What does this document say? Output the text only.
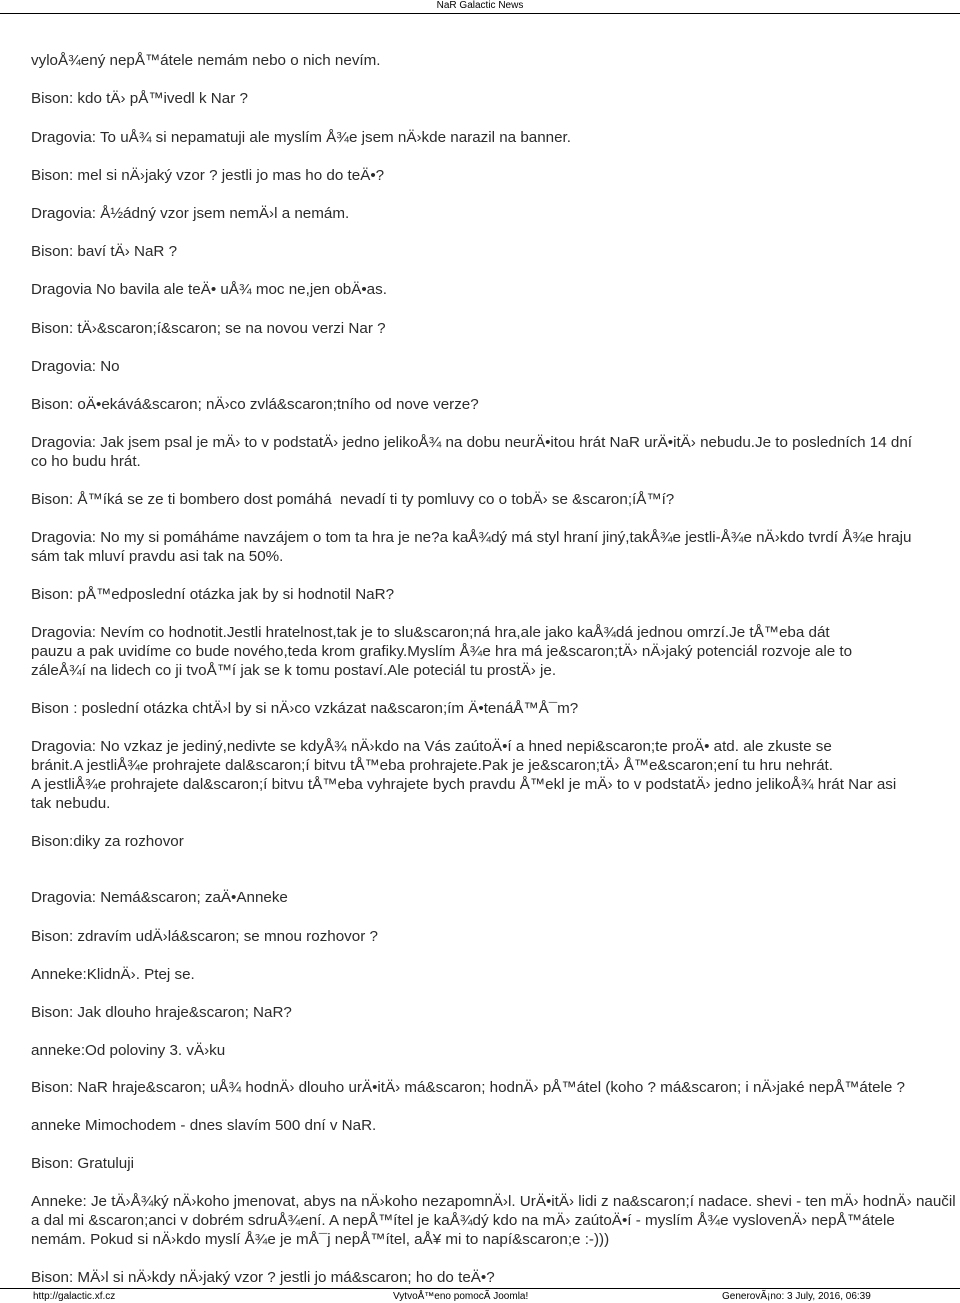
NaR Galactic News
vyloÅ¾ený nepÅ™átele nemám nebo o nich nevím.
Bison: kdo tÄ› pÅ™ivedl k Nar ?
Dragovia: To uÅ¾ si nepamatuji ale myslím Å¾e jsem nÄ›kde narazil na banner.
Bison: mel si nÄ›jaký vzor ? jestli jo mas ho do teÄ•?
Dragovia: Å½ádný vzor jsem nemÄ›l a nemám.
Bison: baví tÄ› NaR ?
Dragovia No bavila ale teÄ• uÅ¾ moc ne,jen obÄ•as.
Bison: tÄ›&scaron;í&scaron; se na novou verzi Nar ?
Dragovia: No
Bison: oÄ•ekává&scaron; nÄ›co zvlá&scaron;tního od nove verze?
Dragovia: Jak jsem psal je mÄ› to v podstatÄ› jedno jelikoÅ¾ na dobu neurÄ•itou hrát NaR urÄ•itÄ› nebudu.Je to posledních 14 dní
co ho budu hrát.
Bison: Å™íká se ze ti bombero dost pomáhá  nevadí ti ty pomluvy co o tobÄ› se &scaron;íÅ™í?
Dragovia: No my si pomáháme navzájem o tom ta hra je ne?a kaÅ¾dý má styl hraní jiný,takÅ¾e jestli-Å¾e nÄ›kdo tvrdí Å¾e hraju
sám tak mluví pravdu asi tak na 50%.
Bison: pÅ™edposlední otázka jak by si hodnotil NaR?
Dragovia: Nevím co hodnotit.Jestli hratelnost,tak je to slu&scaron;ná hra,ale jako kaÅ¾dá jednou omrzí.Je tÅ™eba dát
pauzu a pak uvidíme co bude nového,teda krom grafiky.Myslím Å¾e hra má je&scaron;tÄ› nÄ›jaký potenciál rozvoje ale to
záleÅ¾í na lidech co ji tvoÅ™í jak se k tomu postaví.Ale poteciál tu prostÄ› je.
Bison : poslední otázka chtÄ›l by si nÄ›co vzkázat na&scaron;ím Ä•tenáÅ™Å¯m?
Dragovia: No vzkaz je jediný,nedivte se kdyÅ¾ nÄ›kdo na Vás zaútoÄ•í a hned nepi&scaron;te proÄ• atd. ale zkuste se
bránit.A jestliÅ¾e prohrajete dal&scaron;í bitvu tÅ™eba prohrajete.Pak je je&scaron;tÄ› Å™e&scaron;ení tu hru nehrát.
A jestliÅ¾e prohrajete dal&scaron;í bitvu tÅ™eba vyhrajete bych pravdu Å™ekl je mÄ› to v podstatÄ› jedno jelikoÅ¾ hrát Nar asi
tak nebudu.
Bison:diky za rozhovor
Dragovia: Nemá&scaron; zaÄ•Anneke
Bison: zdravím udÄ›lá&scaron; se mnou rozhovor ?
Anneke:KlidnÄ›. Ptej se.
Bison: Jak dlouho hraje&scaron; NaR?
anneke:Od poloviny 3. vÄ›ku
Bison: NaR hraje&scaron; uÅ¾ hodnÄ› dlouho urÄ•itÄ› má&scaron; hodnÄ› pÅ™átel (koho ? má&scaron; i nÄ›jaké nepÅ™átele ?
anneke Mimochodem - dnes slavím 500 dní v NaR.
Bison: Gratuluji
Anneke: Je tÄ›Å¾ký nÄ›koho jmenovat, abys na nÄ›koho nezapomnÄ›l. UrÄ•itÄ› lidi z na&scaron;í nadace. shevi - ten mÄ› hodnÄ› naučil
a dal mi &scaron;anci v dobrém sdruÅ¾ení. A nepÅ™ítel je kaÅ¾dý kdo na mÄ› zaútoÄ•í - myslím Å¾e vyslovenÄ› nepÅ™átele
nemám. Pokud si nÄ›kdo myslí Å¾e je mÅ¯j nepÅ™ítel, aÅ¥ mi to napí&scaron;e :-)))
Bison: MÄ›l si nÄ›kdy nÄ›jaký vzor ? jestli jo má&scaron; ho do teÄ•?
http://galactic.xf.cz	VytvoÅ™eno pomocÃ Joomla!	GenerovÃ¡no: 3 July, 2016, 06:39
